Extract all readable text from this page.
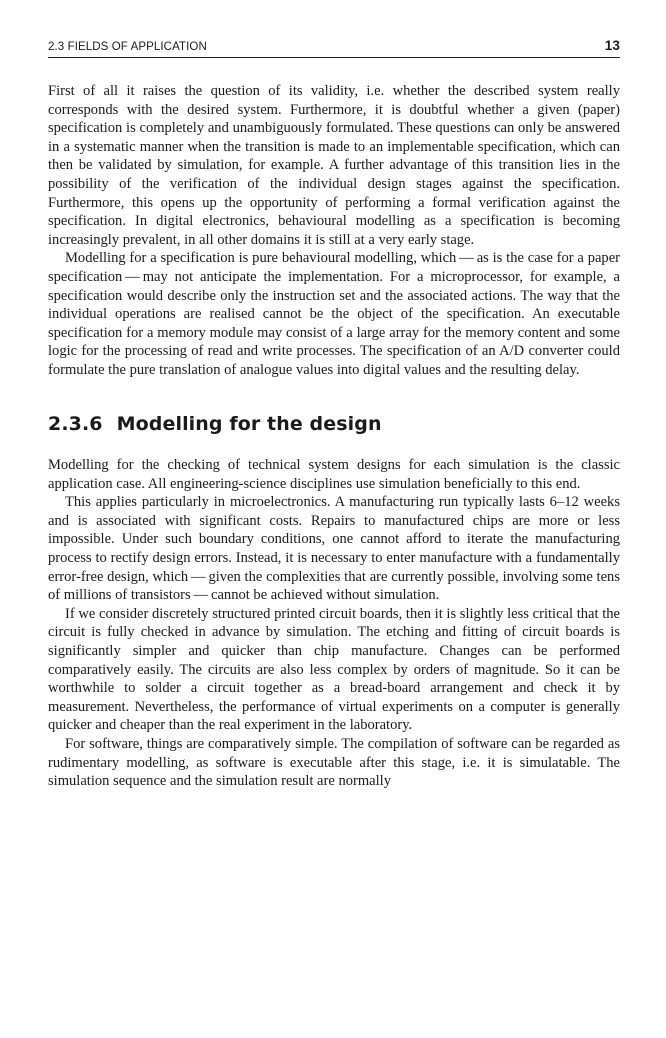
2.3 FIELDS OF APPLICATION	13

First of all it raises the question of its validity, i.e. whether the described system really corresponds with the desired system. Furthermore, it is doubtful whether a given (paper) specification is completely and unambiguously formulated. These questions can only be answered in a systematic manner when the transition is made to an implementable specification, which can then be validated by simulation, for example. A further advantage of this transition lies in the possibility of the verification of the individual design stages against the specification. Furthermore, this opens up the opportunity of performing a formal verification against the specification. In digital electronics, behavioural modelling as a specification is becoming increasingly prevalent, in all other domains it is still at a very early stage.

Modelling for a specification is pure behavioural modelling, which — as is the case for a paper specification — may not anticipate the implementation. For a microprocessor, for example, a specification would describe only the instruction set and the associated actions. The way that the individual operations are realised cannot be the object of the specification. An executable specification for a memory module may consist of a large array for the memory content and some logic for the processing of read and write processes. The specification of an A/D converter could formulate the pure translation of analogue values into digital values and the resulting delay.

2.3.6 Modelling for the design

Modelling for the checking of technical system designs for each simulation is the classic application case. All engineering-science disciplines use simulation beneficially to this end.

This applies particularly in microelectronics. A manufacturing run typically lasts 6–12 weeks and is associated with significant costs. Repairs to manufactured chips are more or less impossible. Under such boundary conditions, one cannot afford to iterate the manufacturing process to rectify design errors. Instead, it is necessary to enter manufacture with a fundamentally error-free design, which — given the complexities that are currently possible, involving some tens of millions of transistors — cannot be achieved without simulation.

If we consider discretely structured printed circuit boards, then it is slightly less critical that the circuit is fully checked in advance by simulation. The etching and fitting of circuit boards is significantly simpler and quicker than chip manufacture. Changes can be performed comparatively easily. The circuits are also less complex by orders of magnitude. So it can be worthwhile to solder a circuit together as a bread-board arrangement and check it by measurement. Nevertheless, the performance of virtual experiments on a computer is generally quicker and cheaper than the real experiment in the laboratory.

For software, things are comparatively simple. The compilation of software can be regarded as rudimentary modelling, as software is executable after this stage, i.e. it is simulatable. The simulation sequence and the simulation result are normally
